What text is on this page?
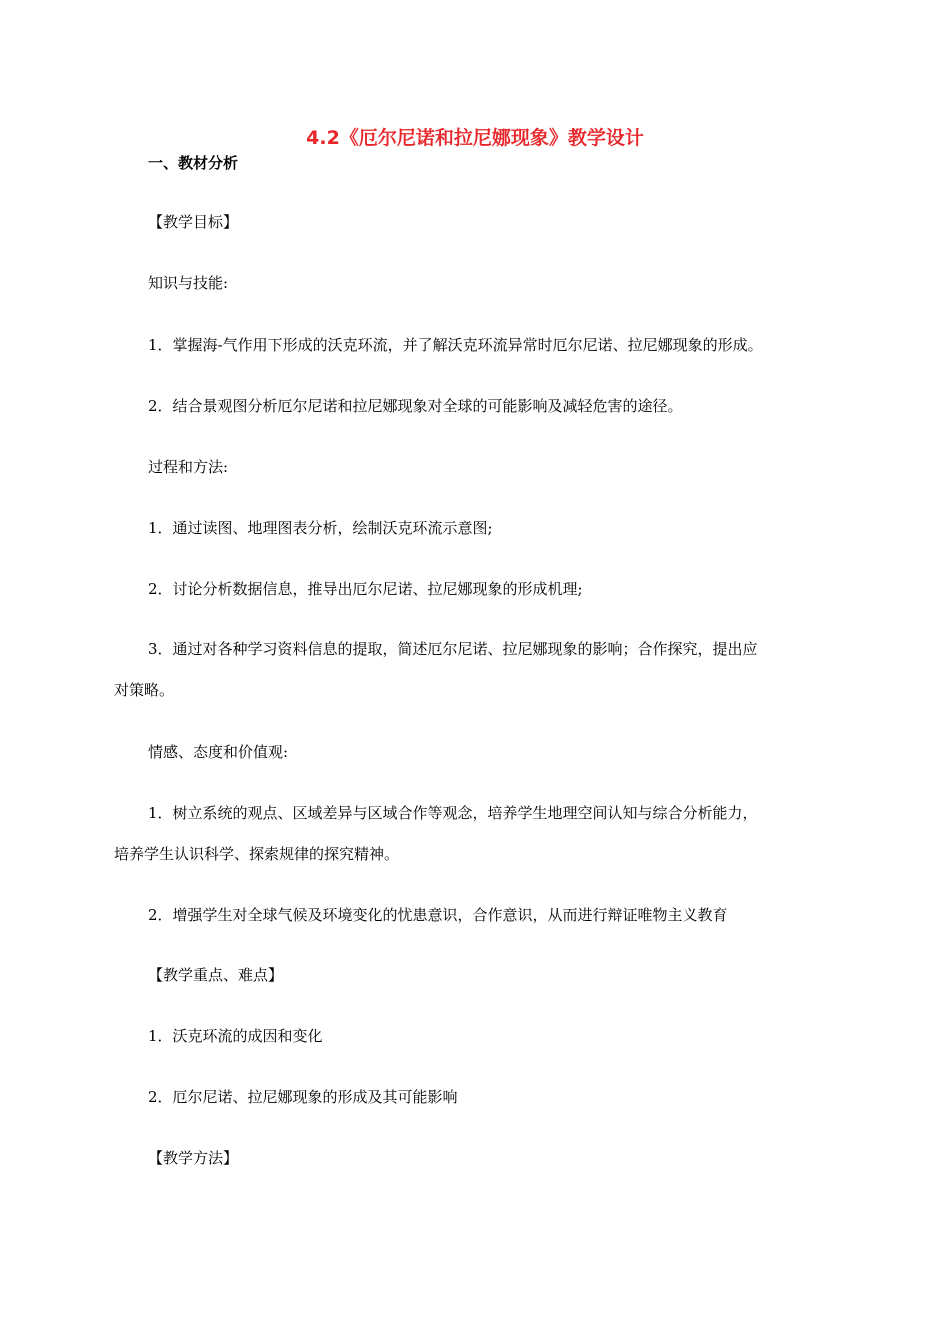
4.2《厄尔尼诺和拉尼娜现象》教学设计
一、教材分析
【教学目标】
知识与技能:
1．掌握海-气作用下形成的沃克环流，并了解沃克环流异常时厄尔尼诺、拉尼娜现象的形成。
2．结合景观图分析厄尔尼诺和拉尼娜现象对全球的可能影响及减轻危害的途径。
过程和方法:
1．通过读图、地理图表分析，绘制沃克环流示意图;
2．讨论分析数据信息，推导出厄尔尼诺、拉尼娜现象的形成机理;
3．通过对各种学习资料信息的提取，简述厄尔尼诺、拉尼娜现象的影响；合作探究，提出应
对策略。
情感、态度和价值观:
1．树立系统的观点、区域差异与区域合作等观念，培养学生地理空间认知与综合分析能力，
培养学生认识科学、探索规律的探究精神。
2．增强学生对全球气候及环境变化的忧患意识，合作意识，从而进行辩证唯物主义教育
【教学重点、难点】
1．沃克环流的成因和变化
2．厄尔尼诺、拉尼娜现象的形成及其可能影响
【教学方法】
